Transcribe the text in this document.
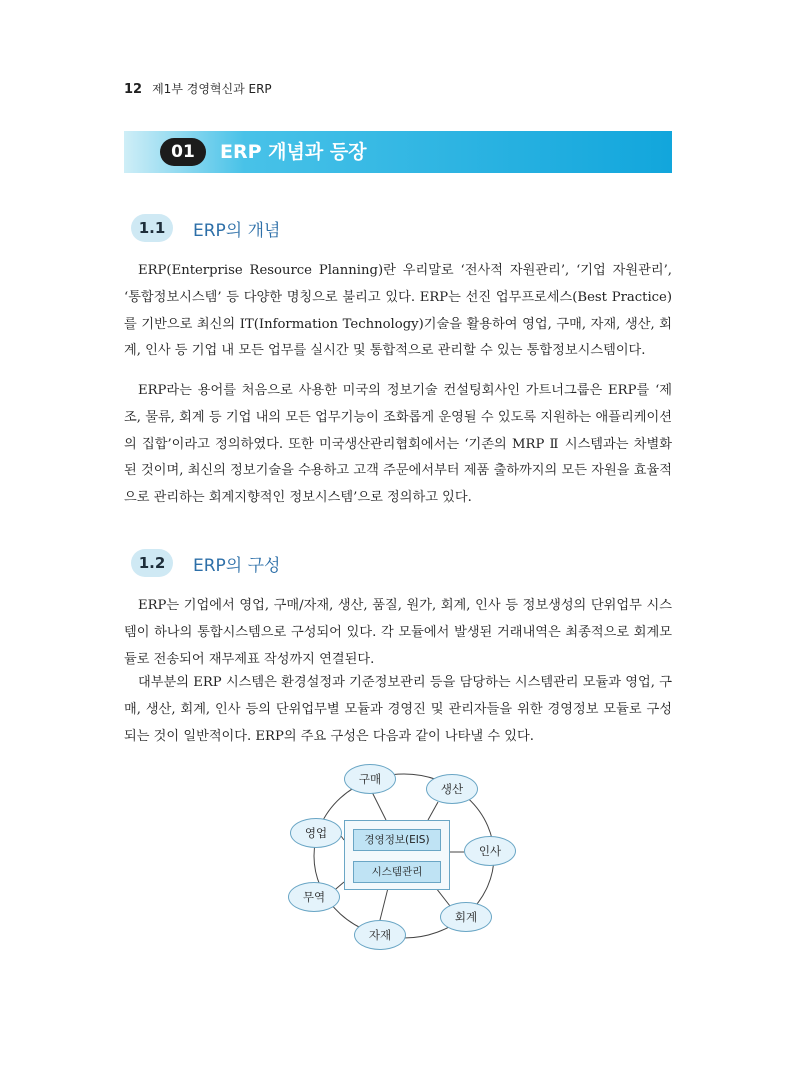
12 제1부 경영혁신과 ERP
01	ERP 개념과 등장
1.1	ERP의 개념

ERP(Enterprise Resource Planning)란 우리말로 ‘전사적 자원관리’, ‘기업 자원관리’, ‘통합정보시스템’ 등 다양한 명칭으로 불리고 있다. ERP는 선진 업무프로세스(Best Practice)를 기반으로 최신의 IT(Information Technology)기술을 활용하여 영업, 구매, 자재, 생산, 회계, 인사 등 기업 내 모든 업무를 실시간 및 통합적으로 관리할 수 있는 통합정보시스템이다.

ERP라는 용어를 처음으로 사용한 미국의 정보기술 컨설팅회사인 가트너그룹은 ERP를 ‘제조, 물류, 회계 등 기업 내의 모든 업무기능이 조화롭게 운영될 수 있도록 지원하는 애플리케이션의 집합’이라고 정의하였다. 또한 미국생산관리협회에서는 ‘기존의 MRP Ⅱ 시스템과는 차별화된 것이며, 최신의 정보기술을 수용하고 고객 주문에서부터 제품 출하까지의 모든 자원을 효율적으로 관리하는 회계지향적인 정보시스템’으로 정의하고 있다.

1.2	ERP의 구성

ERP는 기업에서 영업, 구매/자재, 생산, 품질, 원가, 회계, 인사 등 정보생성의 단위업무 시스템이 하나의 통합시스템으로 구성되어 있다. 각 모듈에서 발생된 거래내역은 최종적으로 회계모듈로 전송되어 재무제표 작성까지 연결된다.

대부분의 ERP 시스템은 환경설정과 기준정보관리 등을 담당하는 시스템관리 모듈과 영업, 구매, 생산, 회계, 인사 등의 단위업무별 모듈과 경영진 및 관리자들을 위한 경영정보 모듈로 구성되는 것이 일반적이다. ERP의 주요 구성은 다음과 같이 나타낼 수 있다.

구매
생산
영업
인사
무역
회계
자재
경영정보(EIS)
시스템관리
